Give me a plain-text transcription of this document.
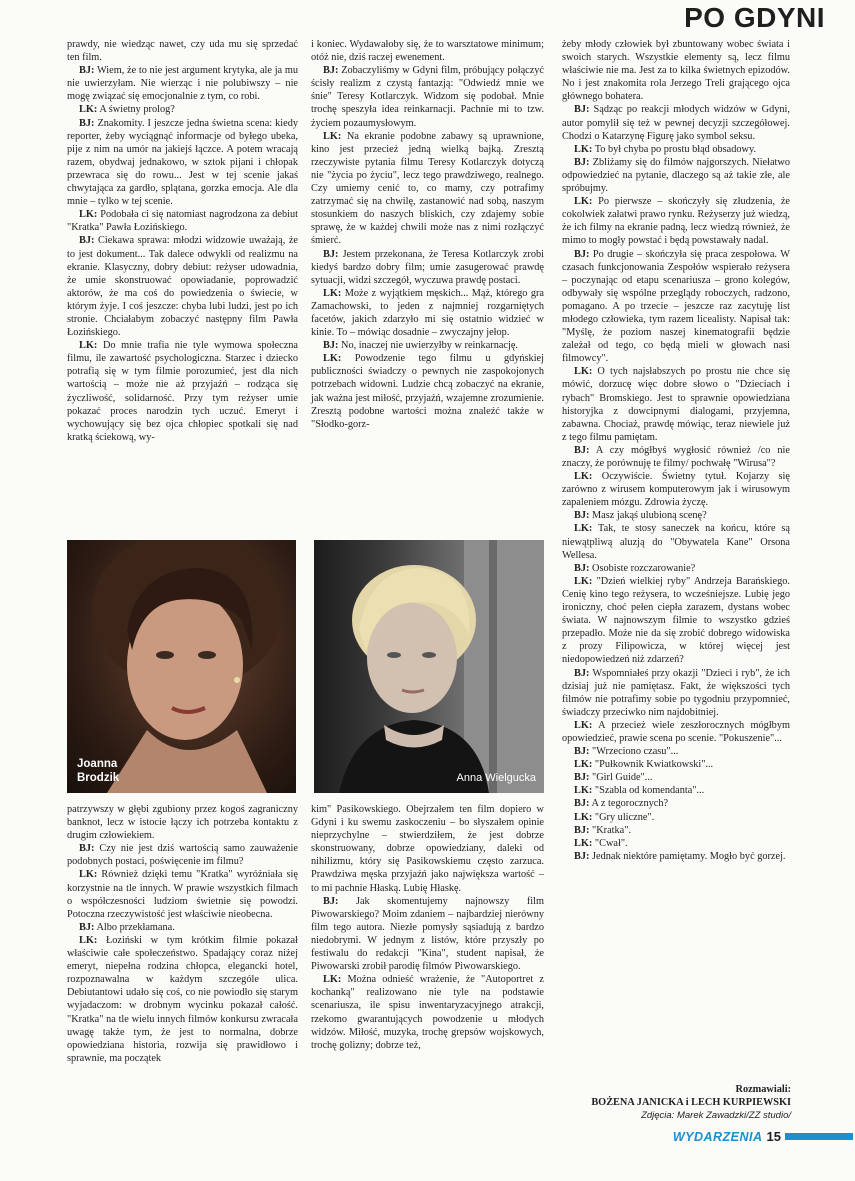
PO GDYNI

prawdy, nie wiedząc nawet, czy uda mu się sprzedać ten film.

BJ: Wiem, że to nie jest argument krytyka, ale ja mu nie uwierzyłam. Nie wierząc i nie polubiwszy – nie mogę związać się emocjonalnie z tym, co robi.

LK: A świetny prolog?

BJ: Znakomity. I jeszcze jedna świetna scena: kiedy reporter, żeby wyciągnąć informacje od byłego ubeka, pije z nim na umór na jakiejś łączce. A potem wracają razem, obydwaj jednakowo, w sztok pijani i chłopak przewraca się do rowu... Jest w tej scenie jakaś chwytająca za gardło, splątana, gorzka emocja. Ale dla mnie – tylko w tej scenie.

LK: Podobała ci się natomiast nagrodzona za debiut "Kratka" Pawła Łozińskiego.

BJ: Ciekawa sprawa: młodzi widzowie uważają, że to jest dokument... Tak dalece odwykli od realizmu na ekranie. Klasyczny, dobry debiut: reżyser udowadnia, że umie skonstruować opowiadanie, poprowadzić aktorów, że ma coś do powiedzenia o świecie, w którym żyje. I coś jeszcze: chyba lubi ludzi, jest po ich stronie. Chciałabym zobaczyć następny film Pawła Łozińskiego.

LK: Do mnie trafia nie tyle wymowa społeczna filmu, ile zawartość psychologiczna. Starzec i dziecko potrafią się w tym filmie porozumieć, jest dla nich wartością – może nie aż przyjaźń – rodząca się życzliwość, solidarność. Przy tym reżyser umie pokazać proces narodzin tych uczuć. Emeryt i wychowujący się bez ojca chłopiec spotkali się nad kratką ściekową, wy-

i koniec. Wydawałoby się, że to warsztatowe minimum; otóż nie, dziś raczej ewenement.

BJ: Zobaczyliśmy w Gdyni film, próbujący połączyć ścisły realizm z czystą fantazją: "Odwiedź mnie we śnie" Teresy Kotlarczyk. Widzom się podobał. Mnie trochę speszyła idea reinkarnacji. Pachnie mi to tzw. życiem pozaumysłowym.

LK: Na ekranie podobne zabawy są uprawnione, kino jest przecież jedną wielką bajką. Zresztą rzeczywiste pytania filmu Teresy Kotlarczyk dotyczą nie "życia po życiu", lecz tego prawdziwego, realnego. Czy umiemy cenić to, co mamy, czy potrafimy zatrzymać się na chwilę, zastanowić nad sobą, naszym stosunkiem do naszych bliskich, czy zdajemy sobie sprawę, że w każdej chwili może nas z nimi rozłączyć śmierć.

BJ: Jestem przekonana, że Teresa Kotlarczyk zrobi kiedyś bardzo dobry film; umie zasugerować prawdę sytuacji, widzi szczegół, wyczuwa prawdę postaci.

LK: Może z wyjątkiem męskich... Mąż, którego gra Zamachowski, to jeden z najmniej rozgarniętych facetów, jakich zdarzyło mi się ostatnio widzieć w kinie. To – mówiąc dosadnie – zwyczajny jełop.

BJ: No, inaczej nie uwierzyłby w reinkarnację.

LK: Powodzenie tego filmu u gdyńskiej publiczności świadczy o pewnych nie zaspokojonych potrzebach widowni. Ludzie chcą zobaczyć na ekranie, jak ważna jest miłość, przyjaźń, wzajemne zrozumienie. Zresztą podobne wartości można znaleźć także w "Słodko-gorz-

żeby młody człowiek był zbuntowany wobec świata i swoich starych. Wszystkie elementy są, lecz filmu właściwie nie ma. Jest za to kilka świetnych epizodów. No i jest znakomita rola Jerzego Treli grającego ojca głównego bohatera.

BJ: Sądząc po reakcji młodych widzów w Gdyni, autor pomylił się też w pewnej decyzji szczegółowej. Chodzi o Katarzynę Figurę jako symbol seksu.

LK: To był chyba po prostu błąd obsadowy.

BJ: Zbliżamy się do filmów najgorszych. Niełatwo odpowiedzieć na pytanie, dlaczego są aż takie złe, ale spróbujmy.

LK: Po pierwsze – skończyły się złudzenia, że cokolwiek załatwi prawo rynku. Reżyserzy już wiedzą, że ich filmy na ekranie padną, lecz wiedzą również, że mimo to mogły powstać i będą powstawały nadal.

BJ: Po drugie – skończyła się praca zespołowa. W czasach funkcjonowania Zespołów wspierało reżysera – poczynając od etapu scenariusza – grono kolegów, odbywały się wspólne przeglądy roboczych, radzono, pomagano. A po trzecie – jeszcze raz zacytuję list młodego człowieka, tym razem licealisty. Napisał tak: "Myślę, że poziom naszej kinematografii będzie zależał od tego, co będą mieli w głowach nasi filmowcy".

LK: O tych najsłabszych po prostu nie chce się mówić, dorzucę więc dobre słowo o "Dzieciach i rybach" Bromskiego. Jest to sprawnie opowiedziana historyjka z dowcipnymi dialogami, przyjemna, zabawna. Chociaż, prawdę mówiąc, teraz niewiele już z tego filmu pamiętam.

BJ: A czy mógłbyś wygłosić również /co nie znaczy, że porównuję te filmy/ pochwałę "Wirusa"?

LK: Oczywiście. Świetny tytuł. Kojarzy się zarówno z wirusem komputerowym jak i wirusowym zapaleniem mózgu. Zdrowia życzę.

BJ: Masz jakąś ulubioną scenę?

LK: Tak, te stosy saneczek na końcu, które są niewątpliwą aluzją do "Obywatela Kane" Orsona Wellesa.

BJ: Osobiste rozczarowanie?

LK: "Dzień wielkiej ryby" Andrzeja Barańskiego. Cenię kino tego reżysera, to wcześniejsze. Lubię jego ironiczny, choć pełen ciepła zarazem, dystans wobec świata. W najnowszym filmie to wszystko gdzieś przepadło. Może nie da się zrobić dobrego widowiska z prozy Filipowicza, w której więcej jest niedopowiedzeń niż zdarzeń?

BJ: Wspomniałeś przy okazji "Dzieci i ryb", że ich dzisiaj już nie pamiętasz. Fakt, że większości tych filmów nie potrafimy sobie po tygodniu przypomnieć, świadczy przeciwko nim najdobitniej.

LK: A przecież wiele zeszłorocznych mógłbym opowiedzieć, prawie scena po scenie. "Pokuszenie"...

BJ: "Wrzeciono czasu"...

LK: "Pułkownik Kwiatkowski"...

BJ: "Girl Guide"...

LK: "Szabla od komendanta"...

BJ: A z tegorocznych?

LK: "Gry uliczne".

BJ: "Kratka".

LK: "Cwał".

BJ: Jednak niektóre pamiętamy. Mogło być gorzej.

Joanna
Brodzik	Anna Wielgucka

patrzywszy w głębi zgubiony przez kogoś zagraniczny banknot, lecz w istocie łączy ich potrzeba kontaktu z drugim człowiekiem.

BJ: Czy nie jest dziś wartością samo zauważenie podobnych postaci, poświęcenie im filmu?

LK: Również dzięki temu "Kratka" wyróżniała się korzystnie na tle innych. W prawie wszystkich filmach o współczesności ludziom świetnie się powodzi. Potoczna rzeczywistość jest właściwie nieobecna.

BJ: Albo przekłamana.

LK: Łoziński w tym krótkim filmie pokazał właściwie całe społeczeństwo. Spadający coraz niżej emeryt, niepełna rodzina chłopca, elegancki hotel, rozpoznawalna w każdym szczególe ulica. Debiutantowi udało się coś, co nie powiodło się starym wyjadaczom: w drobnym wycinku pokazał całość. "Kratka" na tle wielu innych filmów konkursu zwracała uwagę także tym, że jest to normalna, dobrze opowiedziana historia, rozwija się prawidłowo i sprawnie, ma początek

kim" Pasikowskiego. Obejrzałem ten film dopiero w Gdyni i ku swemu zaskoczeniu – bo słyszałem opinie nieprzychylne – stwierdziłem, że jest dobrze skonstruowany, dobrze opowiedziany, daleki od nihilizmu, który się Pasikowskiemu często zarzuca. Prawdziwa męska przyjaźń jako największa wartość – to mi pachnie Hłaską. Lubię Hłaskę.

BJ: Jak skomentujemy najnowszy film Piwowarskiego? Moim zdaniem – najbardziej nierówny film tego autora. Niezłe pomysły sąsiadują z bardzo niedobrymi. W jednym z listów, które przyszły po festiwalu do redakcji "Kina", student napisał, że Piwowarski zrobił parodię filmów Piwowarskiego.

LK: Można odnieść wrażenie, że "Autoportret z kochanką" realizowano nie tyle na podstawie scenariusza, ile spisu inwentaryzacyjnego atrakcji, rzekomo gwarantujących powodzenie u młodych widzów. Miłość, muzyka, trochę grepsów wojskowych, trochę golizny; dobrze też,

Rozmawiali:
BOŻENA JANICKA i LECH KURPIEWSKI
Zdjęcia: Marek Zawadzki/ZZ studio/
WYDARZENIA 15
